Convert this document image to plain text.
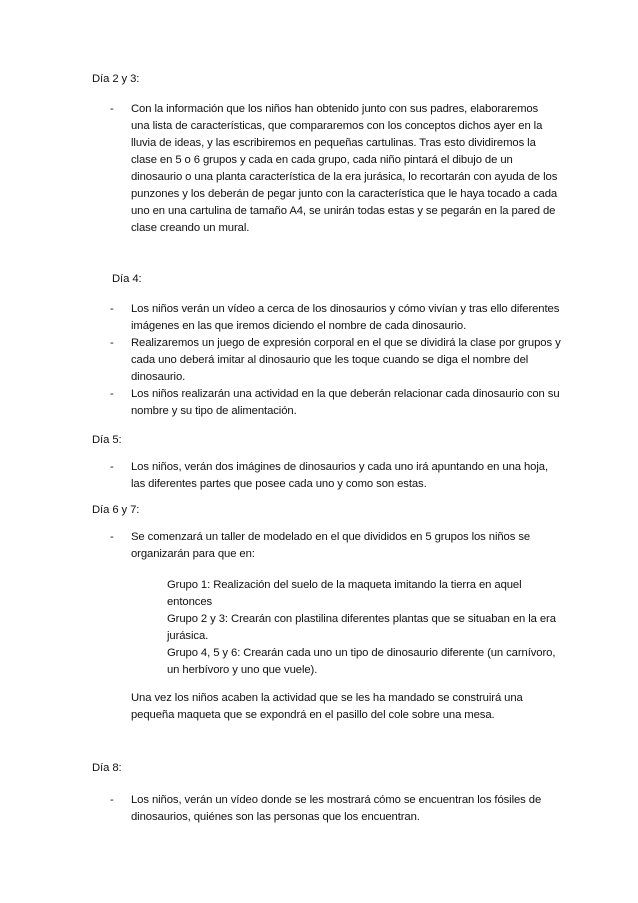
Día 2 y 3:
- Con la información que los niños han obtenido junto con sus padres, elaboraremos
una lista de características, que compararemos con los conceptos dichos ayer en la
lluvia de ideas, y las escribiremos en pequeñas cartulinas. Tras esto dividiremos la
clase en 5 o 6 grupos y cada en cada grupo, cada niño pintará el dibujo de un
dinosaurio o una planta característica de la era jurásica, lo recortarán con ayuda de los
punzones y los deberán de pegar junto con la característica que le haya tocado a cada
uno en una cartulina de tamaño A4, se unirán todas estas y se pegarán en la pared de
clase creando un mural.
Día 4:
- Los niños verán un vídeo a cerca de los dinosaurios y cómo vivían y tras ello diferentes
imágenes en las que iremos diciendo el nombre de cada dinosaurio.
- Realizaremos un juego de expresión corporal en el que se dividirá la clase por grupos y
cada uno deberá imitar al dinosaurio que les toque cuando se diga el nombre del
dinosaurio.
- Los niños realizarán una actividad en la que deberán relacionar cada dinosaurio con su
nombre y su tipo de alimentación.
Día 5:
- Los niños, verán dos imágines de dinosaurios y cada uno irá apuntando en una hoja,
las diferentes partes que posee cada uno y como son estas.
Día 6 y 7:
- Se comenzará un taller de modelado en el que divididos en 5 grupos los niños se
organizarán para que en:
Grupo 1: Realización del suelo de la maqueta imitando la tierra en aquel
entonces
Grupo 2 y 3: Crearán con plastilina diferentes plantas que se situaban en la era
jurásica.
Grupo 4, 5 y 6: Crearán cada uno un tipo de dinosaurio diferente (un carnívoro,
un herbívoro y uno que vuele).
Una vez los niños acaben la actividad que se les ha mandado se construirá una
pequeña maqueta que se expondrá en el pasillo del cole sobre una mesa.
Día 8:
- Los niños, verán un vídeo donde se les mostrará cómo se encuentran los fósiles de
dinosaurios, quiénes son las personas que los encuentran.
